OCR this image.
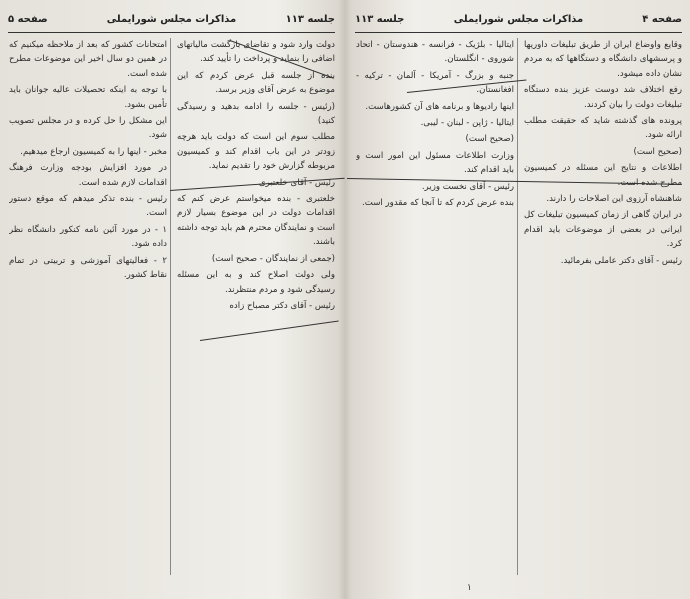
صفحه ۵	مذاکرات مجلس شورایملی	جلسه ۱۱۳

دولت وارد شود و تقاضای بازگشت مالیاتهای اضافی را بنماید و پرداخت را تأیید کند.

بنده از جلسه قبل عرض کردم که این موضوع به عرض آقای وزیر برسد.

(رئیس - جلسه را ادامه بدهید و رسیدگی کنید)

مطلب سوم این است که دولت باید هرچه زودتر در این باب اقدام کند و کمیسیون مربوطه گزارش خود را تقدیم نماید.

رئیس - آقای خلعتبری

خلعتبری - بنده میخواستم عرض کنم که اقدامات دولت در این موضوع بسیار لازم است و نمایندگان محترم هم باید توجه داشته باشند.

(جمعی از نمایندگان - صحیح است)

ولی دولت اصلاح کند و به این مسئله رسیدگی شود و مردم منتظرند.

رئیس - آقای دکتر مصباح زاده

امتحانات کشور که بعد از ملاحظه میکنیم که در همین دو سال اخیر این موضوعات مطرح شده است.

با توجه به اینکه تحصیلات عالیه جوانان باید تأمین بشود.

این مشکل را حل کرده و در مجلس تصویب شود.

مخبر - اینها را به کمیسیون ارجاع میدهیم.

در مورد افزایش بودجه وزارت فرهنگ اقدامات لازم شده است.

رئیس - بنده تذکر میدهم که موقع دستور است.

۱ - در مورد آئین نامه کنکور دانشگاه نظر داده شود.

۲ - فعالیتهای آموزشی و تربیتی در تمام نقاط کشور.

صفحه ۴
مذاکرات مجلس شورایملی
جلسه ۱۱۳

وقایع واوضاع ایران از طریق تبلیغات داوریها و پرسشهای دانشگاه و دستگاهها که به مردم نشان داده میشود.

رفع اختلاف شد دوست عزیز بنده دستگاه تبلیغات دولت را بیان کردند.

پرونده های گذشته شاید که حقیقت مطلب ارائه شود.

(صحیح است)

اطلاعات و نتایج این مسئله در کمیسیون مطرح شده است.

شاهنشاه آرزوی این اصلاحات را دارند.

در ایران گاهی از زمان کمیسیون تبلیغات کل ایرانی در بعضی از موضوعات باید اقدام کرد.

رئیس - آقای دکتر عاملی بفرمائید.

ایتالیا - بلژیک - فرانسه - هندوستان - اتحاد شوروی - انگلستان.

جنبه و بزرگ - آمریکا - آلمان - ترکیه - افغانستان.

اینها رادیوها و برنامه های آن کشورهاست.

ایتالیا - ژاپن - لبنان - لیبی.

(صحیح است)

وزارت اطلاعات مسئول این امور است و باید اقدام کند.

رئیس - آقای نخست وزیر.

بنده عرض کردم که تا آنجا که مقدور است.

۱
